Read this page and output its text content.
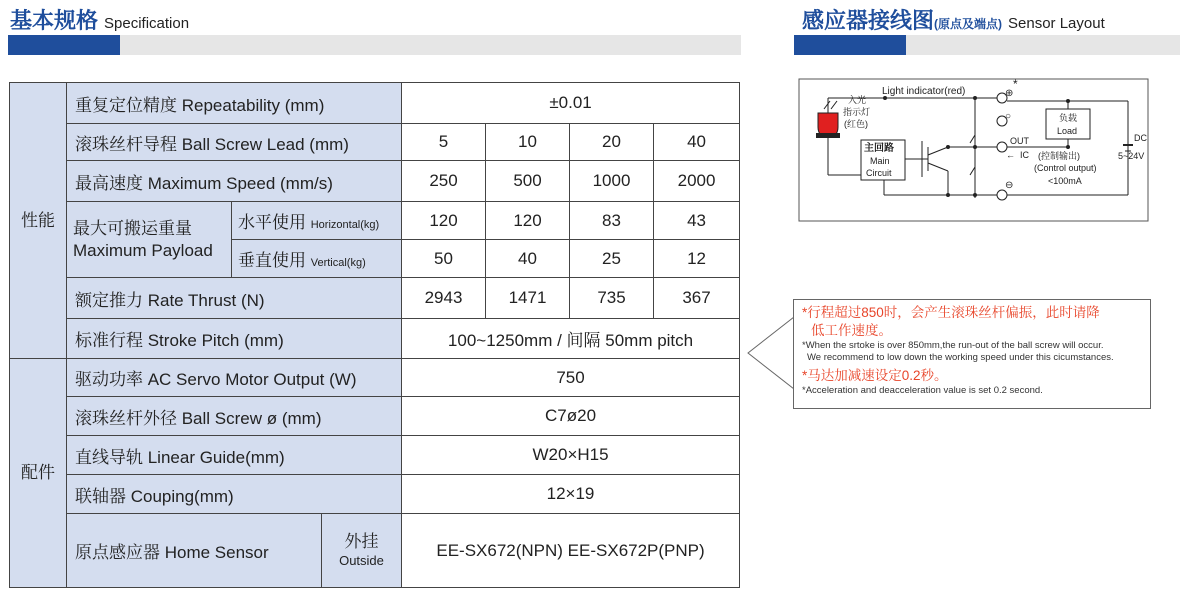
基本规格 Specification	感应器接线图(原点及端点) Sensor Layout
性能	重复定位精度 Repeatability (mm)			±0.01			
	滚珠丝杆导程 Ball Screw Lead (mm)			5	10	20	40
	最高速度 Maximum Speed (mm/s)			250	500	1000	2000
	最大可搬运重量
Maximum Payload	水平使用 Horizontal(kg)		120	120	83	43
		垂直使用 Vertical(kg)		50	40	25	12
	额定推力 Rate Thrust (N)			2943	1471	735	367
	标准行程 Stroke Pitch (mm)			100~1250mm / 间隔 50mm pitch			
配件	驱动功率 AC Servo Motor Output (W)			750			
	滚珠丝杆外径 Ball Screw ø (mm)			C7ø20			
	直线导轨 Linear Guide(mm)			W20×H15			
	联轴器 Couping(mm)			12×19			
	原点感应器 Home Sensor		外挂
Outside	EE-SX672(NPN) EE-SX672P(PNP)			
Light indicator(red)
*
⊕
○
⊖
入光
指示灯
(红色)
主回路
Main
Circuit
负载
Load
OUT
← IC (控制输出)
(Control output)
<100mA
DC
5~24V
*行程超过850时，会产生滚珠丝杆偏振，此时请降
低工作速度。
*When the srtoke is over 850mm,the run-out of the ball screw will occur.
We recommend to low down the working speed under this cicumstances.
*马达加减速设定0.2秒。
*Acceleration and deacceleration value is set 0.2 second.
